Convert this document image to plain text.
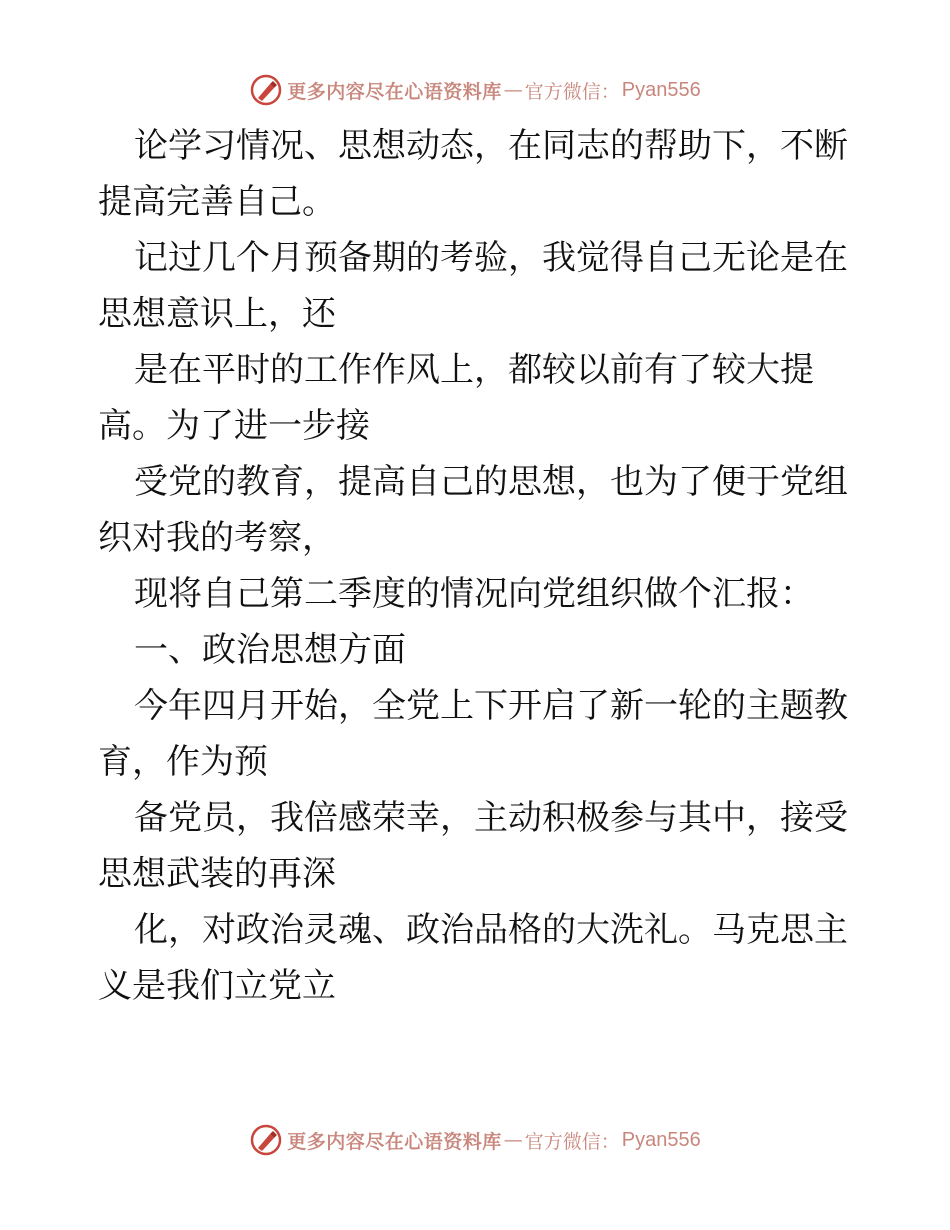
更多内容尽在心语资料库 — 官方微信： Pyan556
论学习情况、思想动态，在同志的帮助下，不断
提高完善自己。
记过几个月预备期的考验，我觉得自己无论是在
思想意识上，还
是在平时的工作作风上，都较以前有了较大提
高。为了进一步接
受党的教育，提高自己的思想，也为了便于党组
织对我的考察，
现将自己第二季度的情况向党组织做个汇报：
一、政治思想方面
今年四月开始，全党上下开启了新一轮的主题教
育，作为预
备党员，我倍感荣幸，主动积极参与其中，接受
思想武装的再深
化，对政治灵魂、政治品格的大洗礼。马克思主
义是我们立党立
更多内容尽在心语资料库 — 官方微信： Pyan556
